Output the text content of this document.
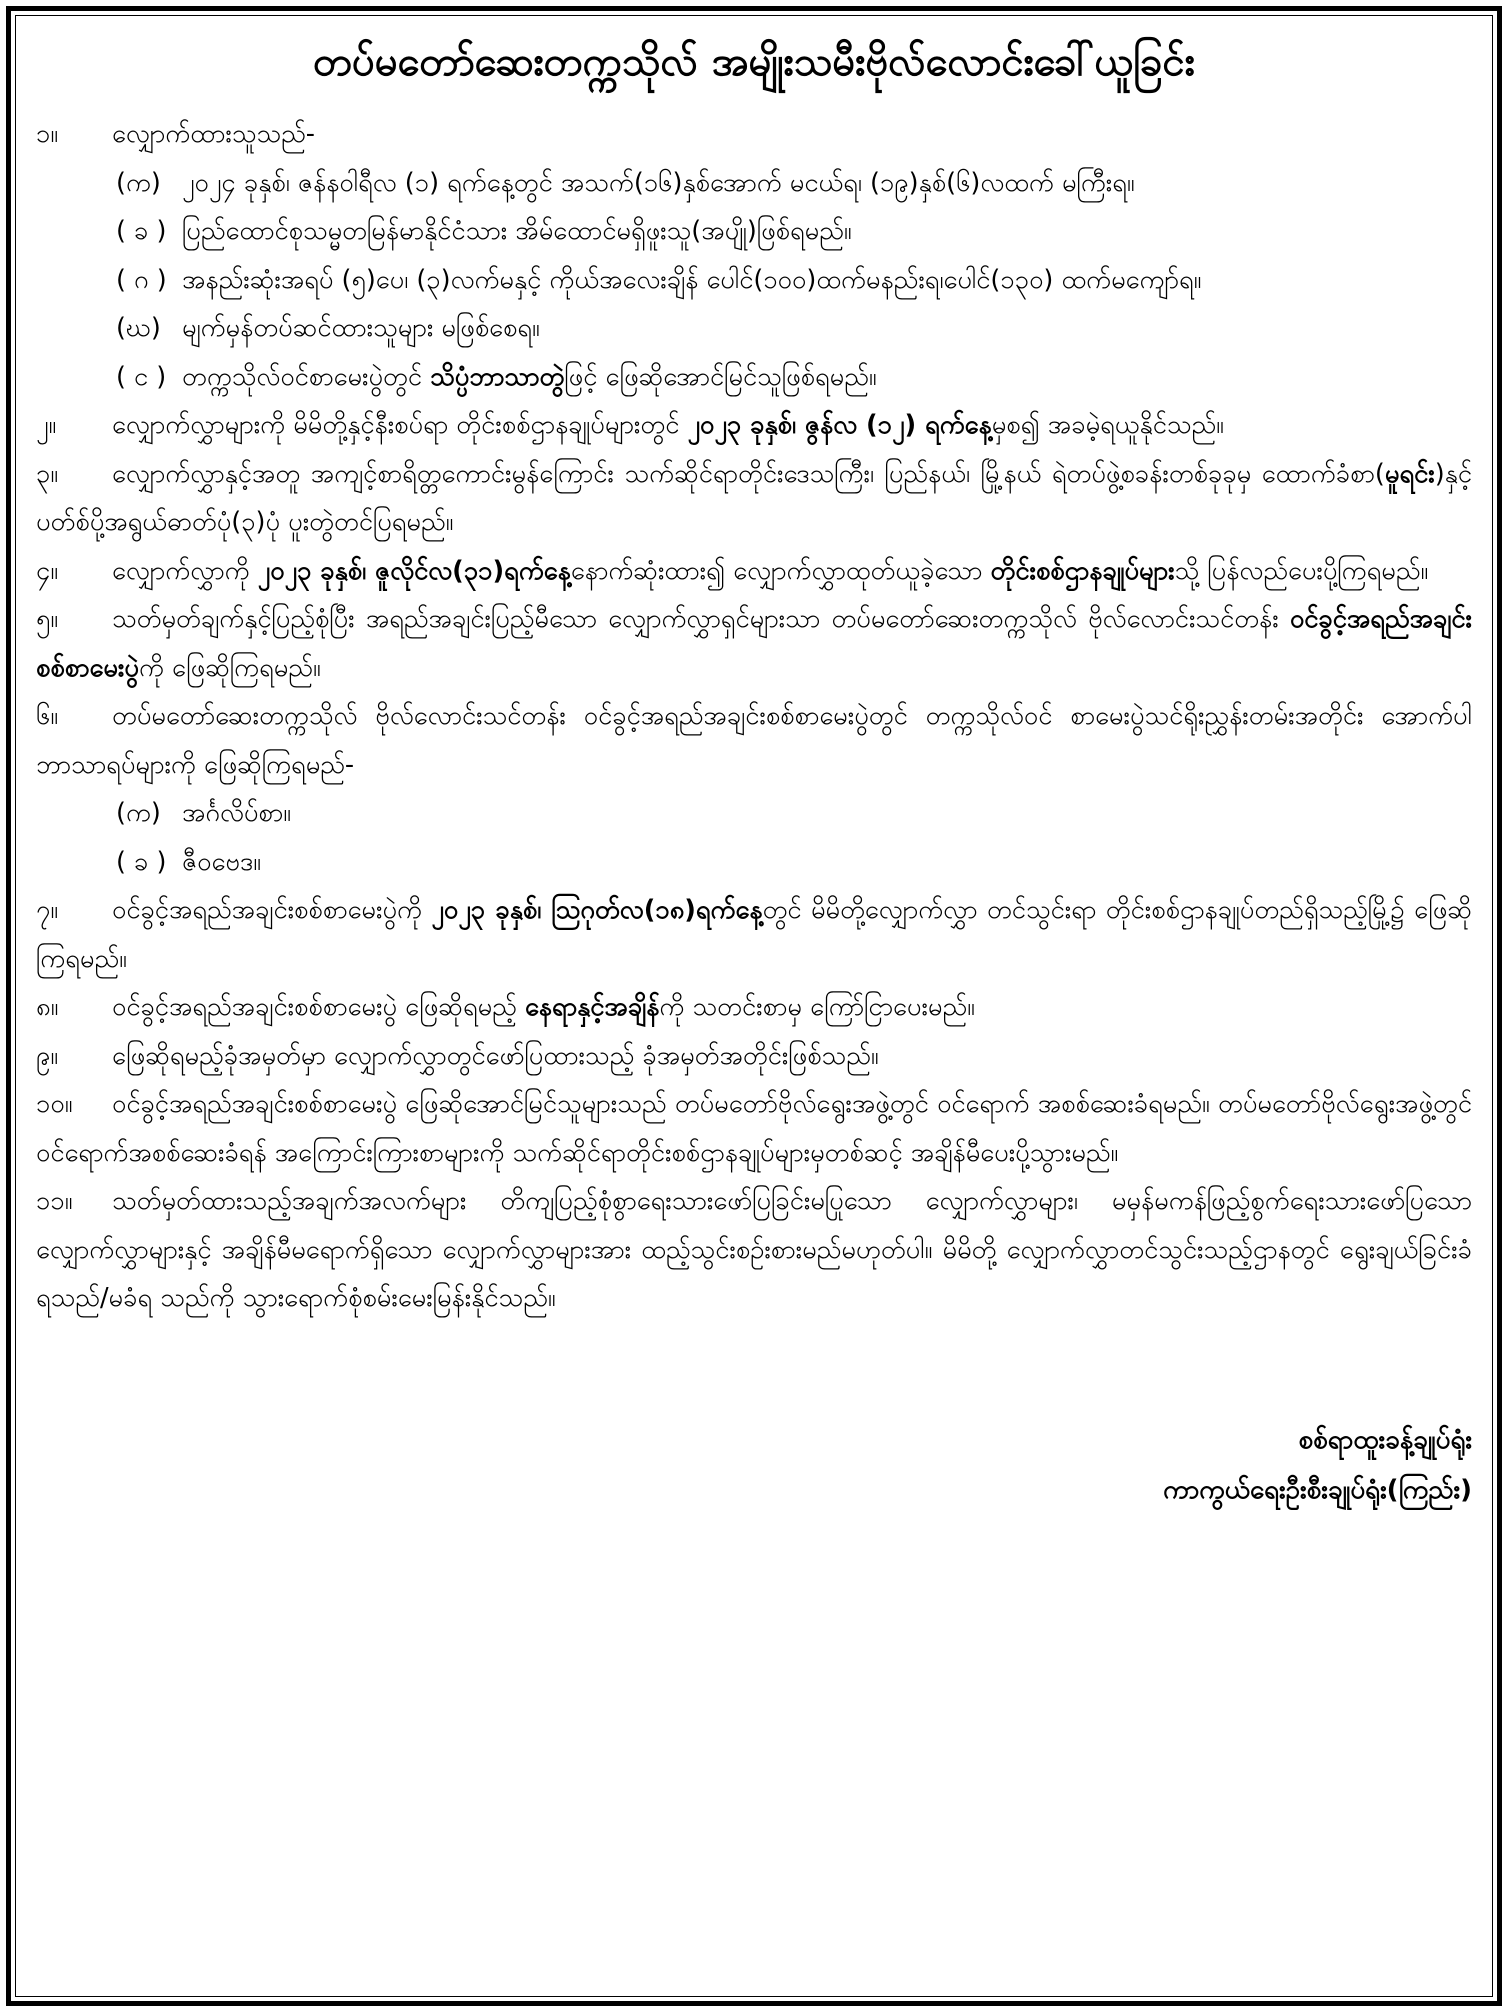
တပ်မတော်ဆေးတက္ကသိုလ် အမျိုးသမီးဗိုလ်လောင်းခေါ်ယူခြင်း
၁။ လျှောက်ထားသူသည်-
(က) ၂၀၂၄ ခုနှစ်၊ ဇန်နဝါရီလ (၁) ရက်နေ့တွင် အသက်(၁၆)နှစ်အောက် မငယ်ရ၊ (၁၉)နှစ်(၆)လထက် မကြီးရ။
( ခ ) ပြည်ထောင်စုသမ္မတမြန်မာနိုင်ငံသား အိမ်ထောင်မရှိဖူးသူ(အပျို)ဖြစ်ရမည်။
( ဂ ) အနည်းဆုံးအရပ် (၅)ပေ၊ (၃)လက်မနှင့် ကိုယ်အလေးချိန် ပေါင်(၁၀၀)ထက်မနည်းရ၊ပေါင်(၁၃၀) ထက်မကျော်ရ။
(ဃ) မျက်မှန်တပ်ဆင်ထားသူများ မဖြစ်စေရ။
( င ) တက္ကသိုလ်ဝင်စာမေးပွဲတွင် သိပ္ပံဘာသာတွဲဖြင့် ဖြေဆိုအောင်မြင်သူဖြစ်ရမည်။
၂။ လျှောက်လွှာများကို မိမိတို့နှင့်နီးစပ်ရာ တိုင်းစစ်ဌာနချုပ်များတွင် ၂၀၂၃ ခုနှစ်၊ ဇွန်လ (၁၂) ရက်နေ့မှစ၍ အခမဲ့ရယူနိုင်သည်။
၃။ လျှောက်လွှာနှင့်အတူ အကျင့်စာရိတ္တကောင်းမွန်ကြောင်း သက်ဆိုင်ရာတိုင်းဒေသကြီး၊ ပြည်နယ်၊ မြို့နယ် ရဲတပ်ဖွဲ့စခန်းတစ်ခုခုမှ ထောက်ခံစာ(မူရင်း)နှင့် ပတ်စ်ပို့အရွယ်ဓာတ်ပုံ(၃)ပုံ ပူးတွဲတင်ပြရမည်။
၄။ လျှောက်လွှာကို ၂၀၂၃ ခုနှစ်၊ ဇူလိုင်လ(၃၁)ရက်နေ့နောက်ဆုံးထား၍ လျှောက်လွှာထုတ်ယူခဲ့သော တိုင်းစစ်ဌာနချုပ်များသို့ ပြန်လည်ပေးပို့ကြရမည်။
၅။ သတ်မှတ်ချက်နှင့်ပြည့်စုံပြီး အရည်အချင်းပြည့်မီသော လျှောက်လွှာရှင်များသာ တပ်မတော်ဆေးတက္ကသိုလ် ဗိုလ်လောင်းသင်တန်း ဝင်ခွင့်အရည်အချင်းစစ်စာမေးပွဲကို ဖြေဆိုကြရမည်။
၆။ တပ်မတော်ဆေးတက္ကသိုလ် ဗိုလ်လောင်းသင်တန်း ဝင်ခွင့်အရည်အချင်းစစ်စာမေးပွဲတွင် တက္ကသိုလ်ဝင် စာမေးပွဲသင်ရိုးညွှန်းတမ်းအတိုင်း အောက်ပါဘာသာရပ်များကို ဖြေဆိုကြရမည်-
(က) အင်္ဂလိပ်စာ။
( ခ ) ဇီဝဗေဒ။
၇။ ဝင်ခွင့်အရည်အချင်းစစ်စာမေးပွဲကို ၂၀၂၃ ခုနှစ်၊ ဩဂုတ်လ(၁၈)ရက်နေ့တွင် မိမိတို့လျှောက်လွှာ တင်သွင်းရာ တိုင်းစစ်ဌာနချုပ်တည်ရှိသည့်မြို့၌ ဖြေဆိုကြရမည်။
၈။ ဝင်ခွင့်အရည်အချင်းစစ်စာမေးပွဲ ဖြေဆိုရမည့် နေရာနှင့်အချိန်ကို သတင်းစာမှ ကြော်ငြာပေးမည်။
၉။ ဖြေဆိုရမည့်ခုံအမှတ်မှာ လျှောက်လွှာတွင်ဖော်ပြထားသည့် ခုံအမှတ်အတိုင်းဖြစ်သည်။
၁၀။ ဝင်ခွင့်အရည်အချင်းစစ်စာမေးပွဲ ဖြေဆိုအောင်မြင်သူများသည် တပ်မတော်ဗိုလ်ရွေးအဖွဲ့တွင် ဝင်ရောက် အစစ်ဆေးခံရမည်။ တပ်မတော်ဗိုလ်ရွေးအဖွဲ့တွင် ဝင်ရောက်အစစ်ဆေးခံရန် အကြောင်းကြားစာများကို သက်ဆိုင်ရာတိုင်းစစ်ဌာနချုပ်များမှတစ်ဆင့် အချိန်မီပေးပို့သွားမည်။
၁၁။ သတ်မှတ်ထားသည့်အချက်အလက်များ တိကျပြည့်စုံစွာရေးသားဖော်ပြခြင်းမပြုသော လျှောက်လွှာများ၊ မမှန်မကန်ဖြည့်စွက်ရေးသားဖော်ပြသောလျှောက်လွှာများနှင့် အချိန်မီမရောက်ရှိသော လျှောက်လွှာများအား ထည့်သွင်းစဉ်းစားမည်မဟုတ်ပါ။ မိမိတို့ လျှောက်လွှာတင်သွင်းသည့်ဌာနတွင် ရွေးချယ်ခြင်းခံရသည်/မခံရ သည်ကို သွားရောက်စုံစမ်းမေးမြန်းနိုင်သည်။
စစ်ရာထူးခန့်ချုပ်ရုံး
ကာကွယ်ရေးဦးစီးချုပ်ရုံး(ကြည်း)
